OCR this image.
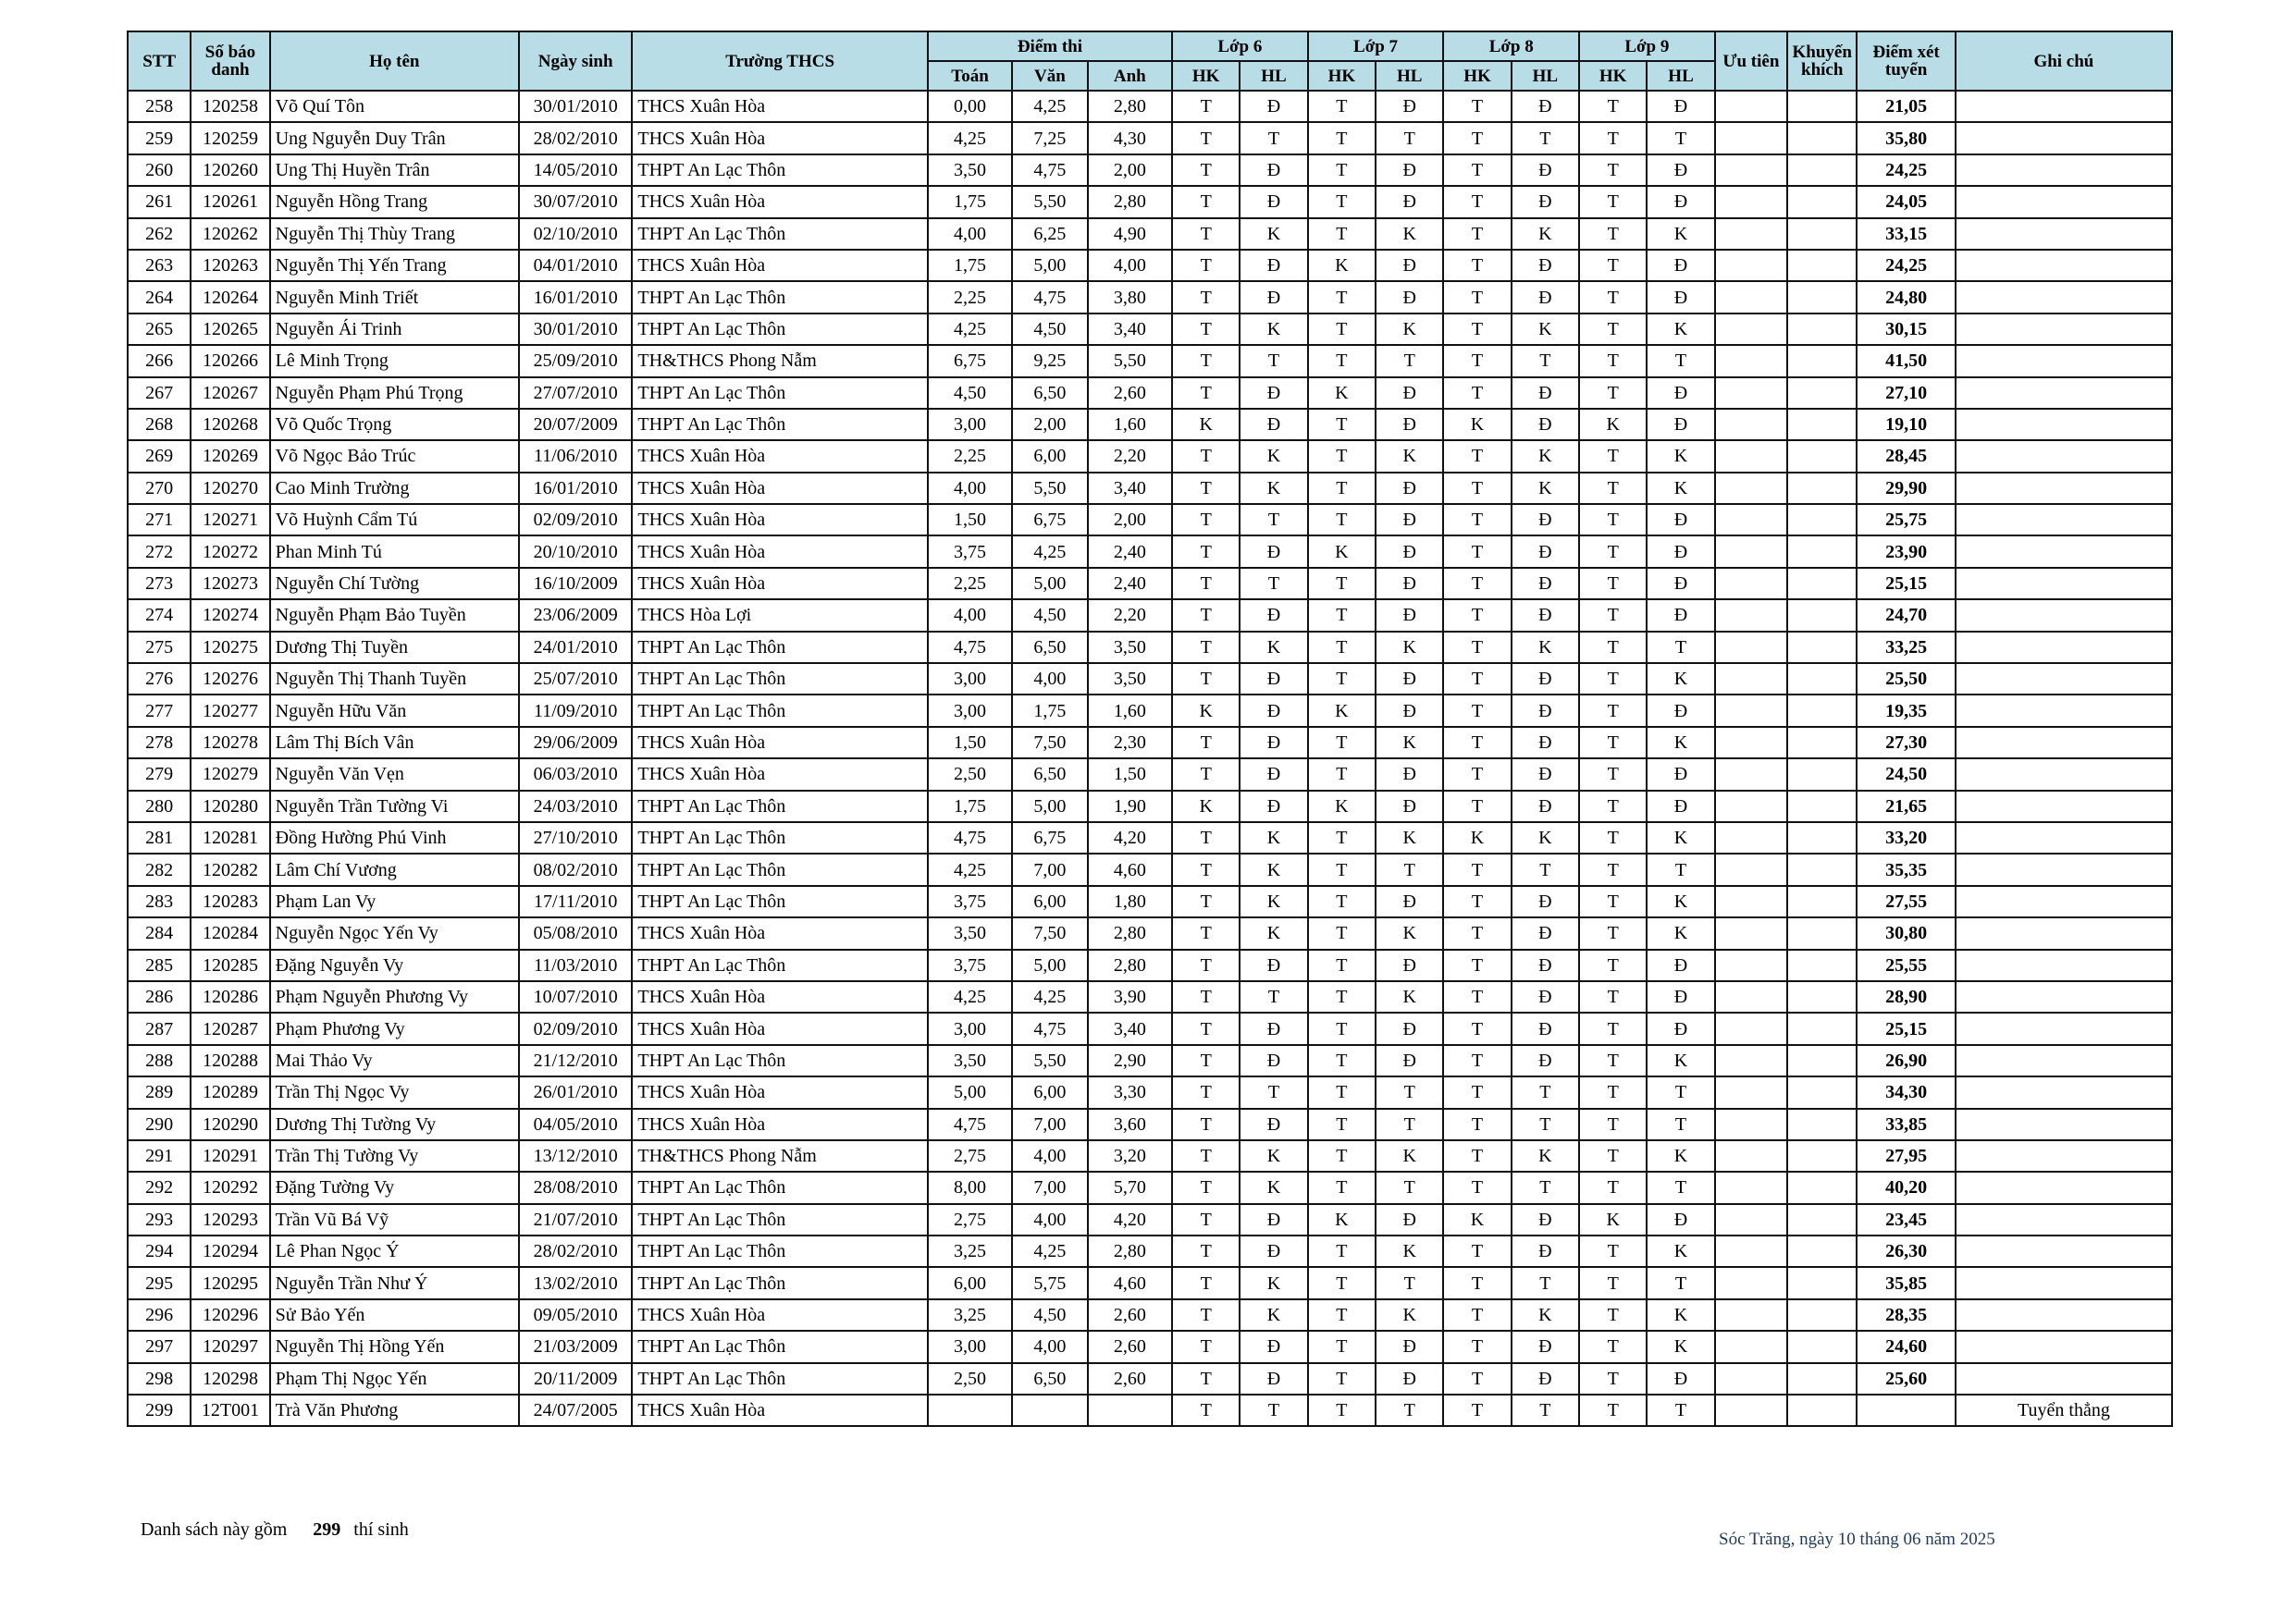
STT	Số báo danh	Họ tên	Ngày sinh	Trường THCS	Điểm thi			Lớp 6		Lớp 7		Lớp 8		Lớp 9		Ưu tiên	Khuyến khích	Điểm xét tuyển	Ghi chú
					Toán	Văn	Anh	HK	HL	HK	HL	HK	HL	HK	HL				
258	120258	Võ Quí Tôn	30/01/2010	THCS Xuân Hòa	0,00	4,25	2,80	T	Đ	T	Đ	T	Đ	T	Đ			21,05	
259	120259	Ung Nguyễn Duy Trân	28/02/2010	THCS Xuân Hòa	4,25	7,25	4,30	T	T	T	T	T	T	T	T			35,80	
260	120260	Ung Thị Huyền Trân	14/05/2010	THPT An Lạc Thôn	3,50	4,75	2,00	T	Đ	T	Đ	T	Đ	T	Đ			24,25	
261	120261	Nguyễn Hồng Trang	30/07/2010	THCS Xuân Hòa	1,75	5,50	2,80	T	Đ	T	Đ	T	Đ	T	Đ			24,05	
262	120262	Nguyễn Thị Thùy Trang	02/10/2010	THPT An Lạc Thôn	4,00	6,25	4,90	T	K	T	K	T	K	T	K			33,15	
263	120263	Nguyễn Thị Yến Trang	04/01/2010	THCS Xuân Hòa	1,75	5,00	4,00	T	Đ	K	Đ	T	Đ	T	Đ			24,25	
264	120264	Nguyễn Minh Triết	16/01/2010	THPT An Lạc Thôn	2,25	4,75	3,80	T	Đ	T	Đ	T	Đ	T	Đ			24,80	
265	120265	Nguyễn Ái Trinh	30/01/2010	THPT An Lạc Thôn	4,25	4,50	3,40	T	K	T	K	T	K	T	K			30,15	
266	120266	Lê Minh Trọng	25/09/2010	TH&THCS Phong Nẫm	6,75	9,25	5,50	T	T	T	T	T	T	T	T			41,50	
267	120267	Nguyễn Phạm Phú Trọng	27/07/2010	THPT An Lạc Thôn	4,50	6,50	2,60	T	Đ	K	Đ	T	Đ	T	Đ			27,10	
268	120268	Võ Quốc Trọng	20/07/2009	THPT An Lạc Thôn	3,00	2,00	1,60	K	Đ	T	Đ	K	Đ	K	Đ			19,10	
269	120269	Võ Ngọc Bảo Trúc	11/06/2010	THCS Xuân Hòa	2,25	6,00	2,20	T	K	T	K	T	K	T	K			28,45	
270	120270	Cao Minh Trường	16/01/2010	THCS Xuân Hòa	4,00	5,50	3,40	T	K	T	Đ	T	K	T	K			29,90	
271	120271	Võ Huỳnh Cẩm Tú	02/09/2010	THCS Xuân Hòa	1,50	6,75	2,00	T	T	T	Đ	T	Đ	T	Đ			25,75	
272	120272	Phan Minh Tú	20/10/2010	THCS Xuân Hòa	3,75	4,25	2,40	T	Đ	K	Đ	T	Đ	T	Đ			23,90	
273	120273	Nguyễn Chí Tường	16/10/2009	THCS Xuân Hòa	2,25	5,00	2,40	T	T	T	Đ	T	Đ	T	Đ			25,15	
274	120274	Nguyễn Phạm Bảo Tuyền	23/06/2009	THCS Hòa Lợi	4,00	4,50	2,20	T	Đ	T	Đ	T	Đ	T	Đ			24,70	
275	120275	Dương Thị Tuyền	24/01/2010	THPT An Lạc Thôn	4,75	6,50	3,50	T	K	T	K	T	K	T	T			33,25	
276	120276	Nguyễn Thị Thanh Tuyền	25/07/2010	THPT An Lạc Thôn	3,00	4,00	3,50	T	Đ	T	Đ	T	Đ	T	K			25,50	
277	120277	Nguyễn Hữu Văn	11/09/2010	THPT An Lạc Thôn	3,00	1,75	1,60	K	Đ	K	Đ	T	Đ	T	Đ			19,35	
278	120278	Lâm Thị Bích Vân	29/06/2009	THCS Xuân Hòa	1,50	7,50	2,30	T	Đ	T	K	T	Đ	T	K			27,30	
279	120279	Nguyễn Văn Vẹn	06/03/2010	THCS Xuân Hòa	2,50	6,50	1,50	T	Đ	T	Đ	T	Đ	T	Đ			24,50	
280	120280	Nguyễn Trần Tường Vi	24/03/2010	THPT An Lạc Thôn	1,75	5,00	1,90	K	Đ	K	Đ	T	Đ	T	Đ			21,65	
281	120281	Đồng Hường Phú Vinh	27/10/2010	THPT An Lạc Thôn	4,75	6,75	4,20	T	K	T	K	K	K	T	K			33,20	
282	120282	Lâm Chí Vương	08/02/2010	THPT An Lạc Thôn	4,25	7,00	4,60	T	K	T	T	T	T	T	T			35,35	
283	120283	Phạm Lan Vy	17/11/2010	THPT An Lạc Thôn	3,75	6,00	1,80	T	K	T	Đ	T	Đ	T	K			27,55	
284	120284	Nguyễn Ngọc Yến Vy	05/08/2010	THCS Xuân Hòa	3,50	7,50	2,80	T	K	T	K	T	Đ	T	K			30,80	
285	120285	Đặng Nguyễn Vy	11/03/2010	THPT An Lạc Thôn	3,75	5,00	2,80	T	Đ	T	Đ	T	Đ	T	Đ			25,55	
286	120286	Phạm Nguyễn Phương Vy	10/07/2010	THCS Xuân Hòa	4,25	4,25	3,90	T	T	T	K	T	Đ	T	Đ			28,90	
287	120287	Phạm Phương Vy	02/09/2010	THCS Xuân Hòa	3,00	4,75	3,40	T	Đ	T	Đ	T	Đ	T	Đ			25,15	
288	120288	Mai Thảo Vy	21/12/2010	THPT An Lạc Thôn	3,50	5,50	2,90	T	Đ	T	Đ	T	Đ	T	K			26,90	
289	120289	Trần Thị Ngọc Vy	26/01/2010	THCS Xuân Hòa	5,00	6,00	3,30	T	T	T	T	T	T	T	T			34,30	
290	120290	Dương Thị Tường Vy	04/05/2010	THCS Xuân Hòa	4,75	7,00	3,60	T	Đ	T	T	T	T	T	T			33,85	
291	120291	Trần Thị Tường Vy	13/12/2010	TH&THCS Phong Nẫm	2,75	4,00	3,20	T	K	T	K	T	K	T	K			27,95	
292	120292	Đặng Tường Vy	28/08/2010	THPT An Lạc Thôn	8,00	7,00	5,70	T	K	T	T	T	T	T	T			40,20	
293	120293	Trần Vũ Bá Vỹ	21/07/2010	THPT An Lạc Thôn	2,75	4,00	4,20	T	Đ	K	Đ	K	Đ	K	Đ			23,45	
294	120294	Lê Phan Ngọc Ý	28/02/2010	THPT An Lạc Thôn	3,25	4,25	2,80	T	Đ	T	K	T	Đ	T	K			26,30	
295	120295	Nguyễn Trần Như Ý	13/02/2010	THPT An Lạc Thôn	6,00	5,75	4,60	T	K	T	T	T	T	T	T			35,85	
296	120296	Sử Bảo Yến	09/05/2010	THCS Xuân Hòa	3,25	4,50	2,60	T	K	T	K	T	K	T	K			28,35	
297	120297	Nguyễn Thị Hồng Yến	21/03/2009	THPT An Lạc Thôn	3,00	4,00	2,60	T	Đ	T	Đ	T	Đ	T	K			24,60	
298	120298	Phạm Thị Ngọc Yến	20/11/2009	THPT An Lạc Thôn	2,50	6,50	2,60	T	Đ	T	Đ	T	Đ	T	Đ			25,60	
299	12T001	Trà Văn Phương	24/07/2005	THCS Xuân Hòa				T	T	T	T	T	T	T	T				Tuyển thẳng
Danh sách này gồm 299 thí sinh	Sóc Trăng, ngày 10 tháng 06 năm 2025
